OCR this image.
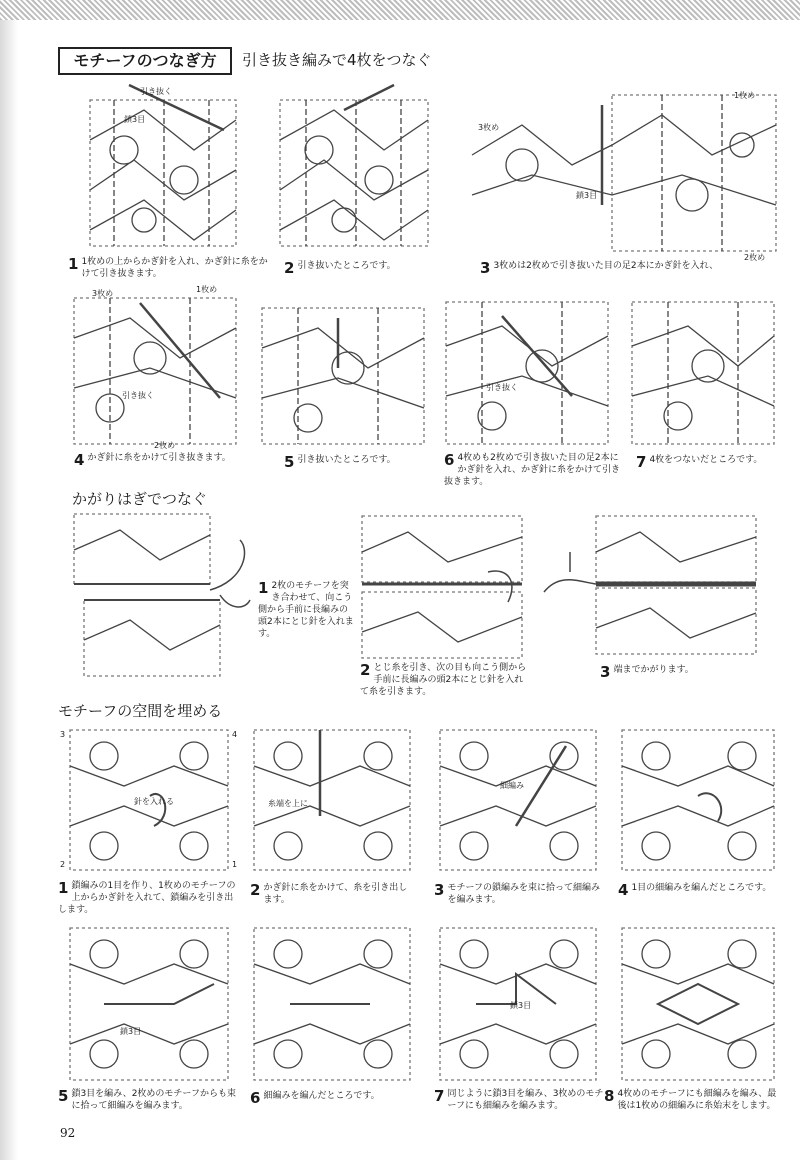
モチーフのつなぎ方	引き抜き編みで4枚をつなぐ
引き抜く
鎖3目
3枚め
1枚め
鎖3目
2枚め
1 1枚めの上からかぎ針を入れ、かぎ針に糸をかけて引き抜きます。	2 引き抜いたところです。	3 3枚めは2枚めで引き抜いた目の足2本にかぎ針を入れ、
3枚め	1枚め
引き抜く
2枚め
引き抜く
4 かぎ針に糸をかけて引き抜きます。	5 引き抜いたところです。	6 4枚めも2枚めで引き抜いた目の足2本にかぎ針を入れ、かぎ針に糸をかけて引き抜きます。
7 4枚をつないだところです。
かがりはぎでつなぐ
1 2枚のモチーフを突き合わせて、向こう側から手前に長編みの頭2本にとじ針を入れます。
2 とじ糸を引き、次の目も向こう側から手前に長編みの頭2本にとじ針を入れて糸を引きます。
3 端までかがります。
モチーフの空間を埋める
3	4
2	1
針を入れる	糸端を上に
細編み
1 鎖編みの1目を作り、1枚めのモチーフの上からかぎ針を入れて、鎖編みを引き出します。
2 かぎ針に糸をかけて、糸を引き出します。
3 モチーフの鎖編みを束に拾って細編みを編みます。
4 1目の細編みを編んだところです。
鎖3目
鎖3目
5 鎖3目を編み、2枚めのモチーフからも束に拾って細編みを編みます。	6 細編みを編んだところです。	7 同じように鎖3目を編み、3枚めのモチーフにも細編みを編みます。
8 4枚めのモチーフにも細編みを編み、最後は1枚めの細編みに糸始末をします。
92
